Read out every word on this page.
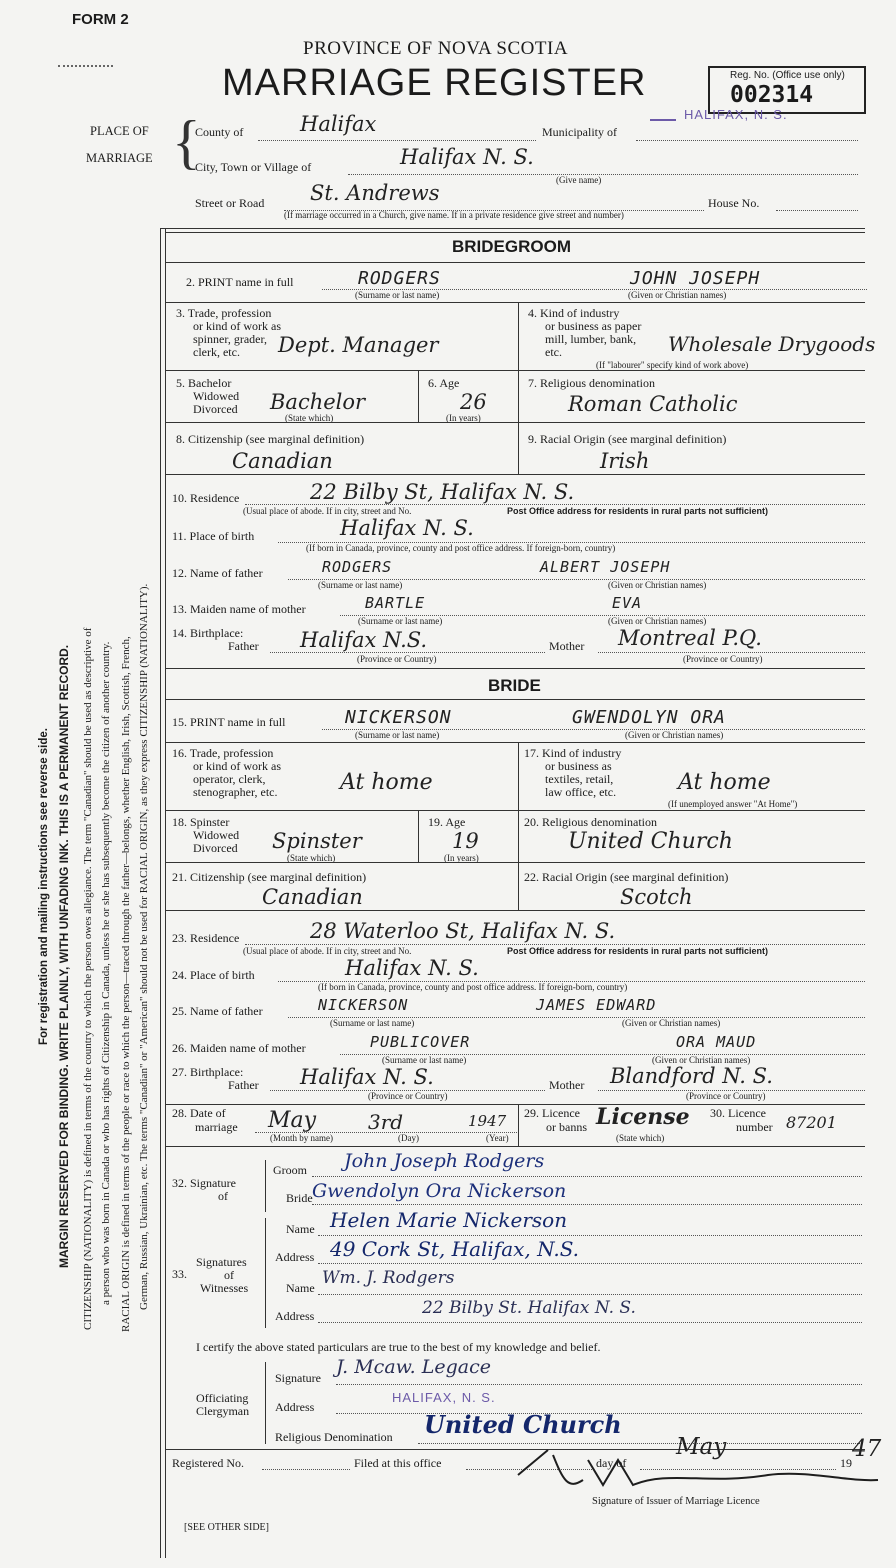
FORM 2
PROVINCE OF NOVA SCOTIA
MARRIAGE REGISTER	Reg. No. (Office use only)
002314
HALIFAX, N. S.
PLACE OF
MARRIAGE {
County of	Halifax	Municipality of
City, Town or Village of	Halifax N. S.
(Give name)
Street or Road St. Andrews	House No.
(If marriage occurred in a Church, give name. If in a private residence give street and number)
For registration and mailing instructions see reverse side. MARGIN RESERVED FOR BINDING. WRITE PLAINLY, WITH UNFADING INK. THIS IS A PERMANENT RECORD. CITIZENSHIP (NATIONALITY) is defined in terms of the country to which the person owes allegiance. The term "Canadian" should be used as descriptive of a person who was born in Canada or who has rights of Citizenship in Canada, unless he or she has subsequently become the citizen of another country. RACIAL ORIGIN is defined in terms of the people or race to which the person—traced through the father—belongs, whether English, Irish, Scottish, French, German, Russian, Ukrainian, etc. The terms "Canadian" or "American" should not be used for RACIAL ORIGIN, as they express CITIZENSHIP (NATIONALITY).
BRIDEGROOM
2. PRINT name in full	RODGERS	JOHN JOSEPH
(Surname or last name)	(Given or Christian names)
3. Trade, profession
or kind of work as
spinner, grader,
clerk, etc. Dept. Manager
4. Kind of industry
or business as paper
mill, lumber, bank,
etc.	Wholesale Drygoods
(If "labourer" specify kind of work above)
5. Bachelor
Widowed
Divorced Bachelor
(State which)
6. Age
26
(In years)
7. Religious denomination
Roman Catholic
8. Citizenship (see marginal definition)
Canadian
9. Racial Origin (see marginal definition)
Irish
10. Residence	22 Bilby St, Halifax N. S.
(Usual place of abode. If in city, street and No.	Post Office address for residents in rural parts not sufficient)
11. Place of birth	Halifax N. S.
(If born in Canada, province, county and post office address. If foreign-born, country)
12. Name of father	RODGERS	ALBERT JOSEPH
(Surname or last name)	(Given or Christian names)
13. Maiden name of mother	BARTLE	EVA
(Surname or last name)	(Given or Christian names)
14. Birthplace:
Father Halifax N.S.	Mother Montreal P.Q.
(Province or Country)	(Province or Country)
BRIDE
15. PRINT name in full	NICKERSON	GWENDOLYN ORA
(Surname or last name)	(Given or Christian names)
16. Trade, profession
or kind of work as
operator, clerk,
stenographer, etc.	At home
17. Kind of industry
or business as
textiles, retail,
law office, etc.	At home
(If unemployed answer "At Home")
18. Spinster
Widowed
Divorced Spinster
(State which)
19. Age
19
(In years)
20. Religious denomination
United Church
21. Citizenship (see marginal definition)
Canadian
22. Racial Origin (see marginal definition)
Scotch
23. Residence	28 Waterloo St, Halifax N. S.
(Usual place of abode. If in city, street and No.	Post Office address for residents in rural parts not sufficient)
24. Place of birth	Halifax N. S.
(If born in Canada, province, county and post office address. If foreign-born, country)
25. Name of father	NICKERSON	JAMES EDWARD
(Surname or last name)	(Given or Christian names)
26. Maiden name of mother	PUBLICOVER	ORA MAUD
(Surname or last name)	(Given or Christian names)
27. Birthplace:
Father Halifax N. S.	Mother Blandford N. S.
(Province or Country)	(Province or Country)
28. Date of
marriage May	3rd	1947
(Month by name)	(Day)	(Year)
29. Licence
or banns License
(State which)
30. Licence
number 87201
32. Signature
of
Groom John Joseph Rodgers
Bride Gwendolyn Ora Nickerson
33.
Signatures
of
Witnesses
Name Helen Marie Nickerson
Address 49 Cork St, Halifax, N.S.
Name Wm. J. Rodgers
Address	22 Bilby St. Halifax N. S.
I certify the above stated particulars are true to the best of my knowledge and belief.
Officiating
Clergyman
Signature J. Mcaw. Legace
Address
HALIFAX, N. S.
Religious Denomination United Church
Registered No.	Filed at this office	day of
May
19
47
Signature of Issuer of Marriage Licence
[SEE OTHER SIDE]
